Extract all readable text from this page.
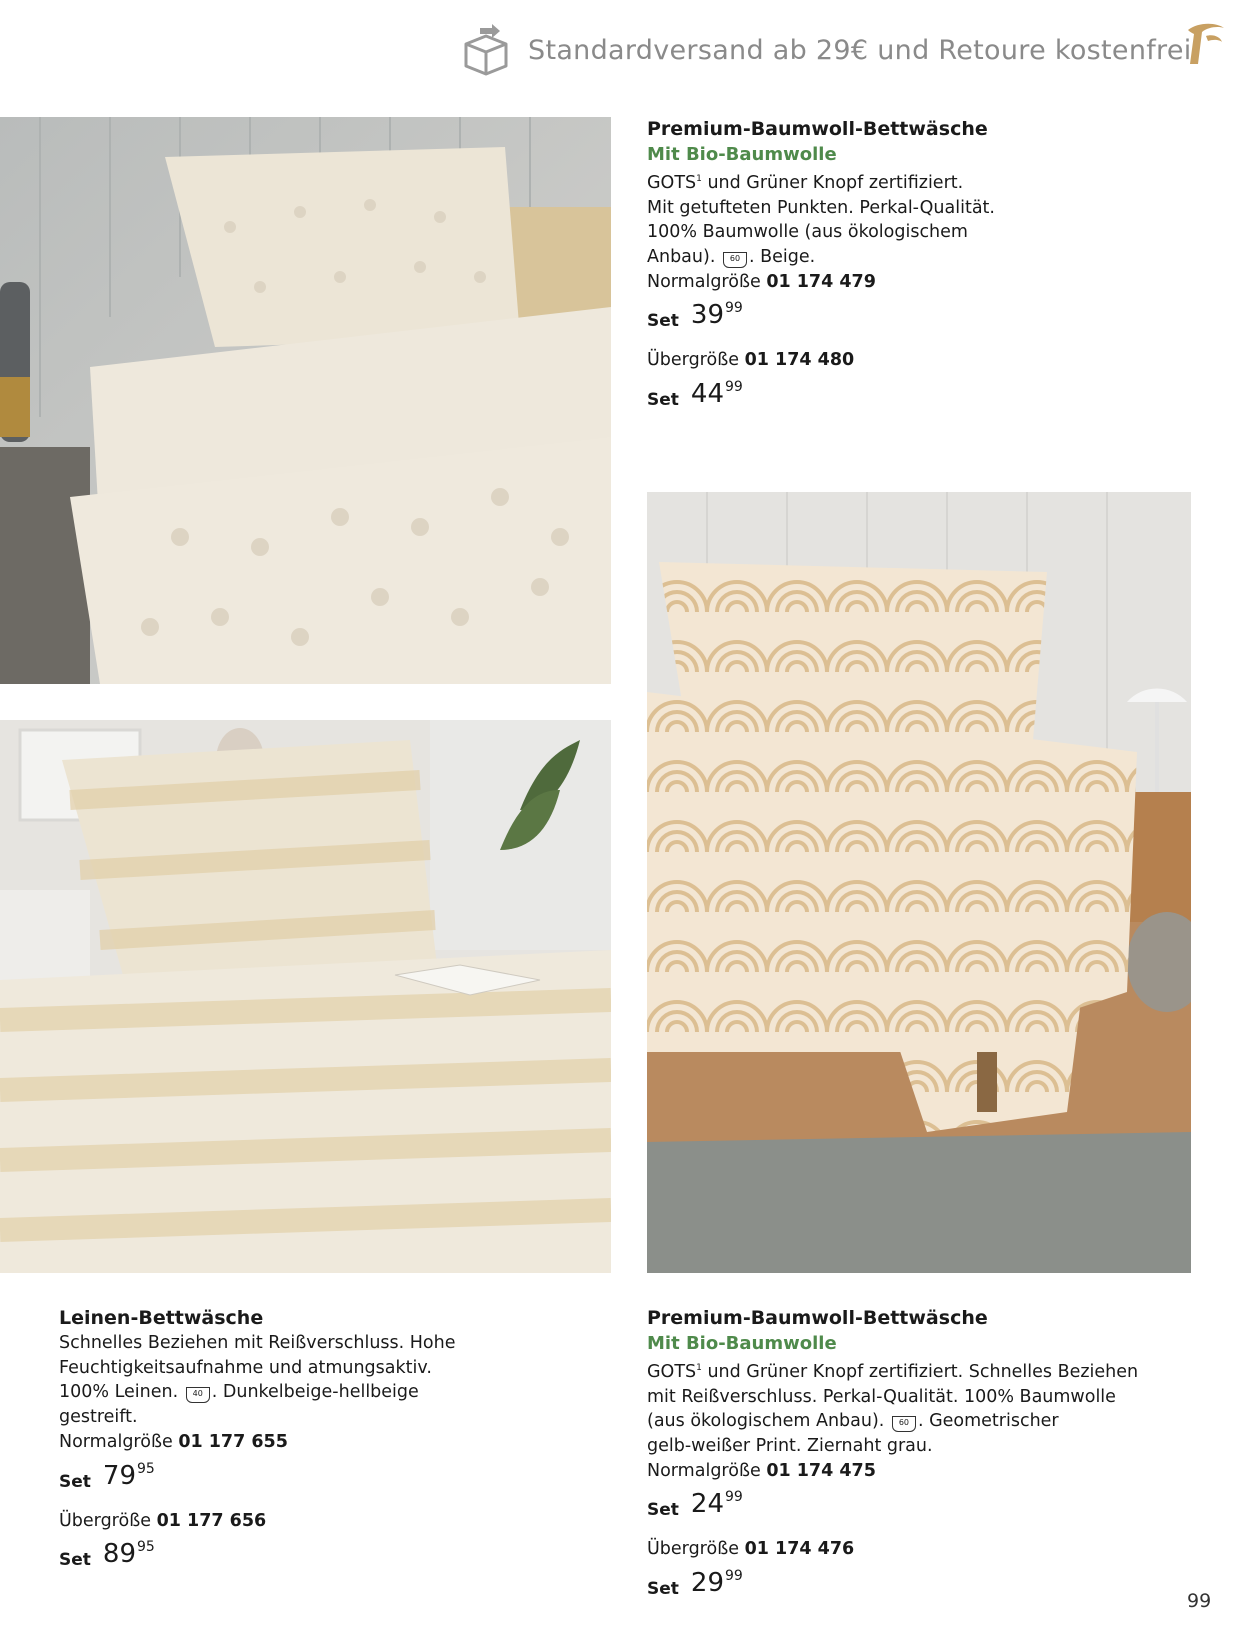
Standardversand ab 29€ und Retoure kostenfrei
Premium-Baumwoll-Bettwäsche
Mit Bio-Baumwolle
GOTS$^1$ und Grüner Knopf zertifiziert.
Mit getufteten Punkten. Perkal-Qualität.
100% Baumwolle (aus ökologischem
Anbau). 60 . Beige.
Normalgröße 01 174 479
Set 39 99
Übergröße 01 174 480
Set 44 99
Leinen-Bettwäsche
Schnelles Beziehen mit Reißverschluss. Hohe
Feuchtigkeitsaufnahme und atmungsaktiv.
100% Leinen. 40 . Dunkelbeige-hellbeige
gestreift.
Normalgröße 01 177 655
Set 79 95
Übergröße 01 177 656
Set 89 95
Premium-Baumwoll-Bettwäsche
Mit Bio-Baumwolle
GOTS$^1$ und Grüner Knopf zertifiziert. Schnelles Beziehen
mit Reißverschluss. Perkal-Qualität. 100% Baumwolle
(aus ökologischem Anbau). 60 . Geometrischer
gelb-weißer Print. Ziernaht grau.
Normalgröße 01 174 475
Set 24 99
Übergröße 01 174 476
Set 29 99
99
